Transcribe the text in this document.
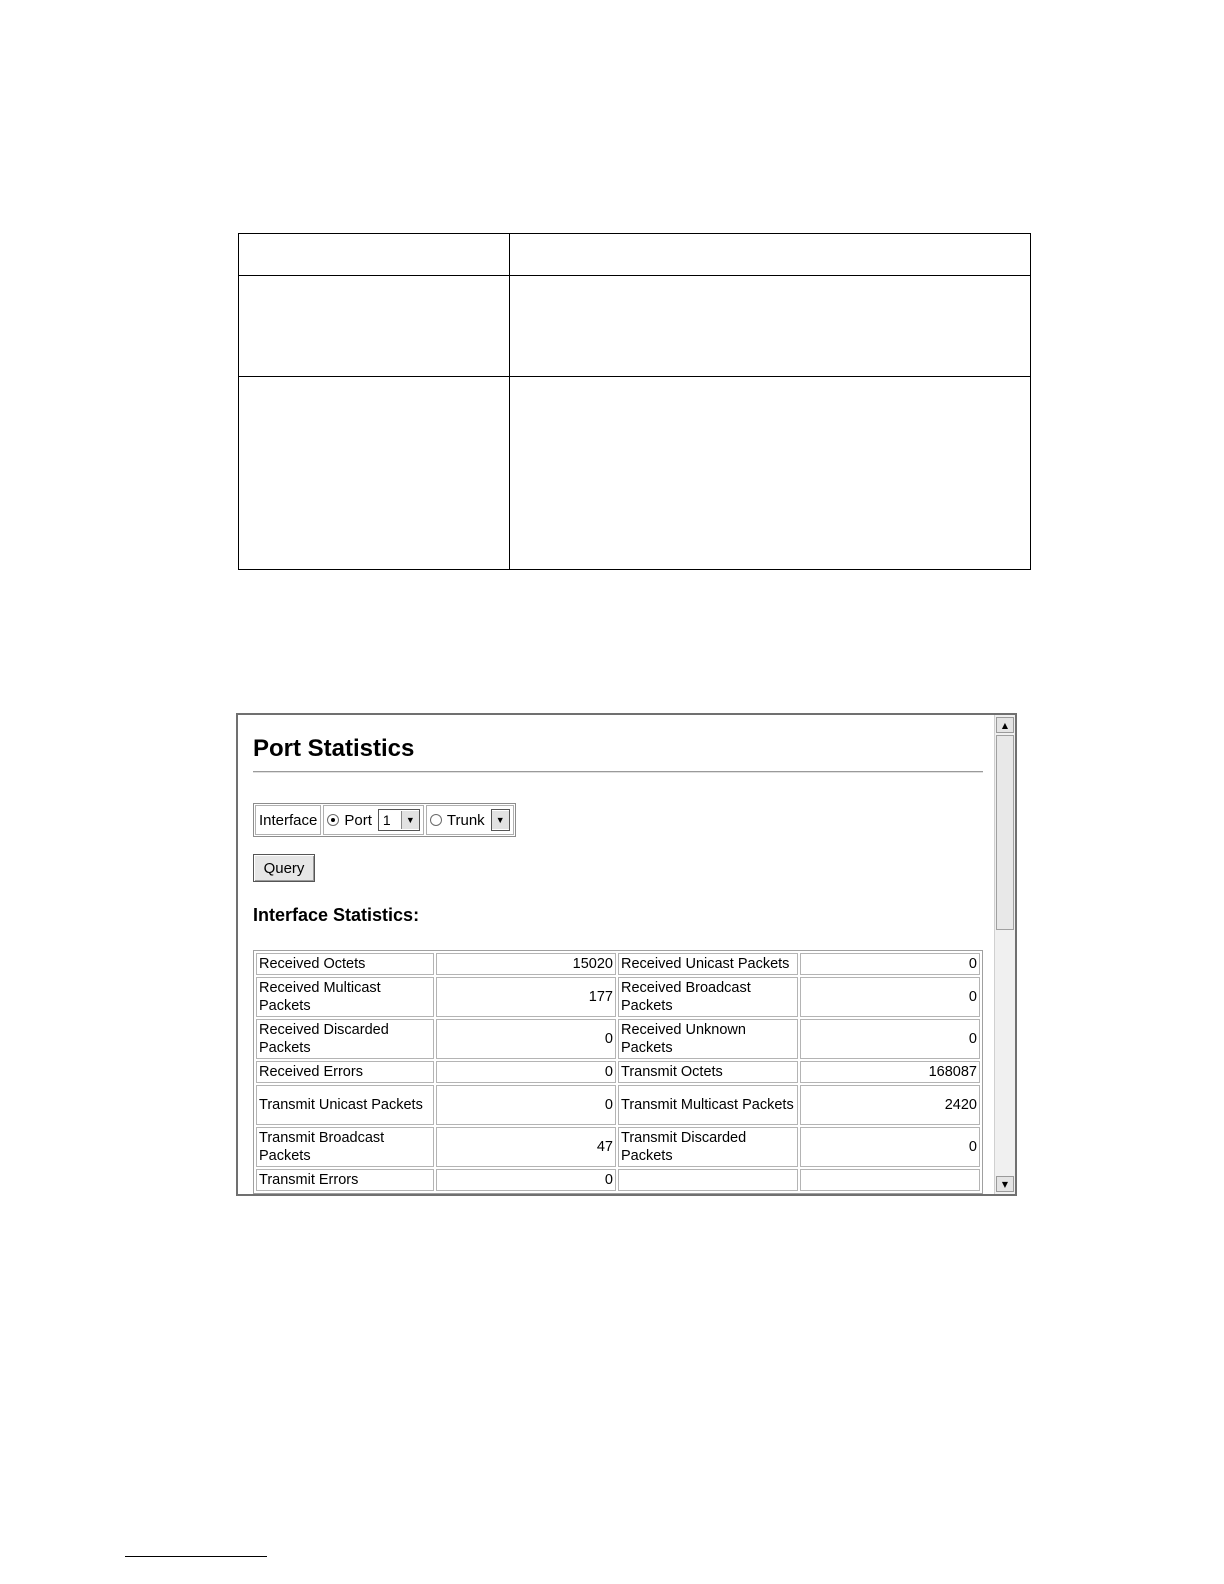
Port Statistics
Interface Port 1	▼ Trunk	▼
Query
Interface Statistics:
Received Octets	15020	Received Unicast Packets	0
Received Multicast Packets	177	Received Broadcast Packets	0
Received Discarded Packets	0	Received Unknown Packets	0
Received Errors	0	Transmit Octets	168087
Transmit Unicast Packets	0	Transmit Multicast Packets	2420
Transmit Broadcast Packets	47	Transmit Discarded Packets	0
Transmit Errors	0		
▲
▼
